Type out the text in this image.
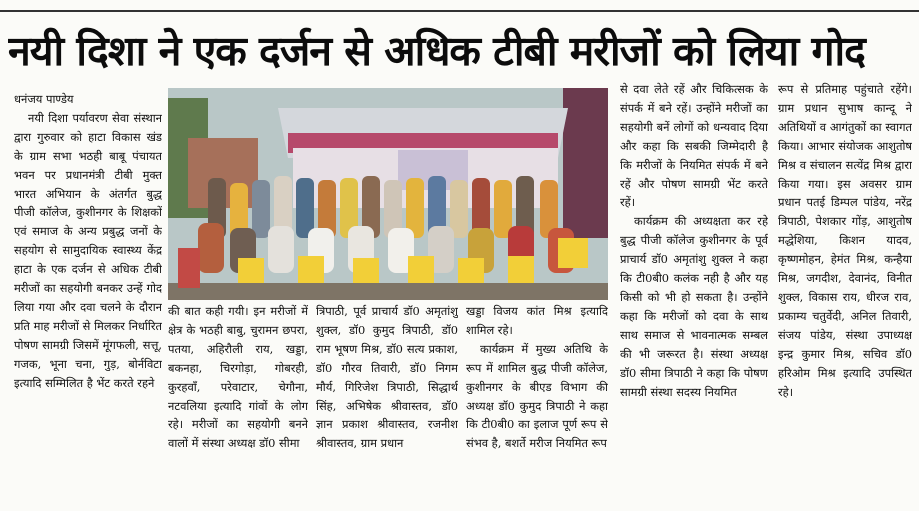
नयी दिशा ने एक दर्जन से अधिक टीबी मरीजों को लिया गोद

धनंजय पाण्डेय

नयी दिशा पर्यावरण सेवा संस्थान द्वारा गुरुवार को हाटा विकास खंड के ग्राम सभा भठही बाबू पंचायत भवन पर प्रधानमंत्री टीबी मुक्त भारत अभियान के अंतर्गत बुद्ध पीजी कॉलेज, कुशीनगर के शिक्षकों एवं समाज के अन्य प्रबुद्ध जनों के सहयोग से सामुदायिक स्वास्थ्य केंद्र हाटा के एक दर्जन से अधिक टीबी मरीजों का सहयोगी बनकर उन्हें गोद लिया गया और दवा चलने के दौरान प्रति माह मरीजों से मिलकर निर्धारित पोषण सामग्री जिसमें मूंगफली, सत्तू, गजक, भूना चना, गुड़, बोर्नविटा इत्यादि सम्मिलित है भेंट करते रहने

की बात कही गयी। इन मरीजों में क्षेत्र के भठही बाबु, चुरामन छपरा, पतया, अहिरौली राय, खड्डा, बकनहा, चिरगोड़ा, गोबरही, कुरहवाँ, परेवाटार, चेगौना, नटवलिया इत्यादि गांवों के लोग रहे। मरीजों का सहयोगी बनने वालों में संस्था अध्यक्ष डॉ0 सीमा

त्रिपाठी, पूर्व प्राचार्य डॉ0 अमृतांशु शुक्ल, डॉ0 कुमुद त्रिपाठी, डॉ0 राम भूषण मिश्र, डॉ0 सत्य प्रकाश, डॉ0 गौरव तिवारी, डॉ0 निगम मौर्य, गिरिजेश त्रिपाठी, सिद्धार्थ सिंह, अभिषेक श्रीवास्तव, डॉ0 ज्ञान प्रकाश श्रीवास्तव, रजनीश श्रीवास्तव, ग्राम प्रधान

खड्डा विजय कांत मिश्र इत्यादि शामिल रहे।

कार्यक्रम में मुख्य अतिथि के रूप में शामिल बुद्ध पीजी कॉलेज, कुशीनगर के बीएड विभाग की अध्यक्ष डॉ0 कुमुद त्रिपाठी ने कहा कि टी0बी0 का इलाज पूर्ण रूप से संभव है, बशर्ते मरीज नियमित रूप

से दवा लेते रहें और चिकित्सक के संपर्क में बने रहें। उन्होंने मरीजों का सहयोगी बनें लोगों को धन्यवाद दिया और कहा कि सबकी जिम्मेदारी है कि मरीजों के नियमित संपर्क में बने रहें और पोषण सामग्री भेंट करते रहें।

कार्यक्रम की अध्यक्षता कर रहे बुद्ध पीजी कॉलेज कुशीनगर के पूर्व प्राचार्य डॉ0 अमृतांशु शुक्ल ने कहा कि टी0बी0 कलंक नही है और यह किसी को भी हो सकता है। उन्होंने कहा कि मरीजों को दवा के साथ साथ समाज से भावनात्मक सम्बल की भी जरूरत है। संस्था अध्यक्ष डॉ0 सीमा त्रिपाठी ने कहा कि पोषण सामग्री संस्था सदस्य नियमित

रूप से प्रतिमाह पहुंचाते रहेंगे। ग्राम प्रधान सुभाष कान्दू ने अतिथियों व आगंतुकों का स्वागत किया। आभार संयोजक आशुतोष मिश्र व संचालन सत्येंद्र मिश्र द्वारा किया गया। इस अवसर ग्राम प्रधान पतई डिम्पल पांडेय, नरेंद्र त्रिपाठी, पेशकार गोंड़, आशुतोष मद्धेशिया, किशन यादव, कृष्णमोहन, हेमंत मिश्र, कन्हैया मिश्र, जगदीश, देवानंद, विनीत शुक्ल, विकास राय, धीरज राव, प्रकाम्य चतुर्वेदी, अनिल तिवारी, संजय पांडेय, संस्था उपाध्यक्ष इन्द्र कुमार मिश्र, सचिव डॉ0 हरिओम मिश्र इत्यादि उपस्थित रहे।
